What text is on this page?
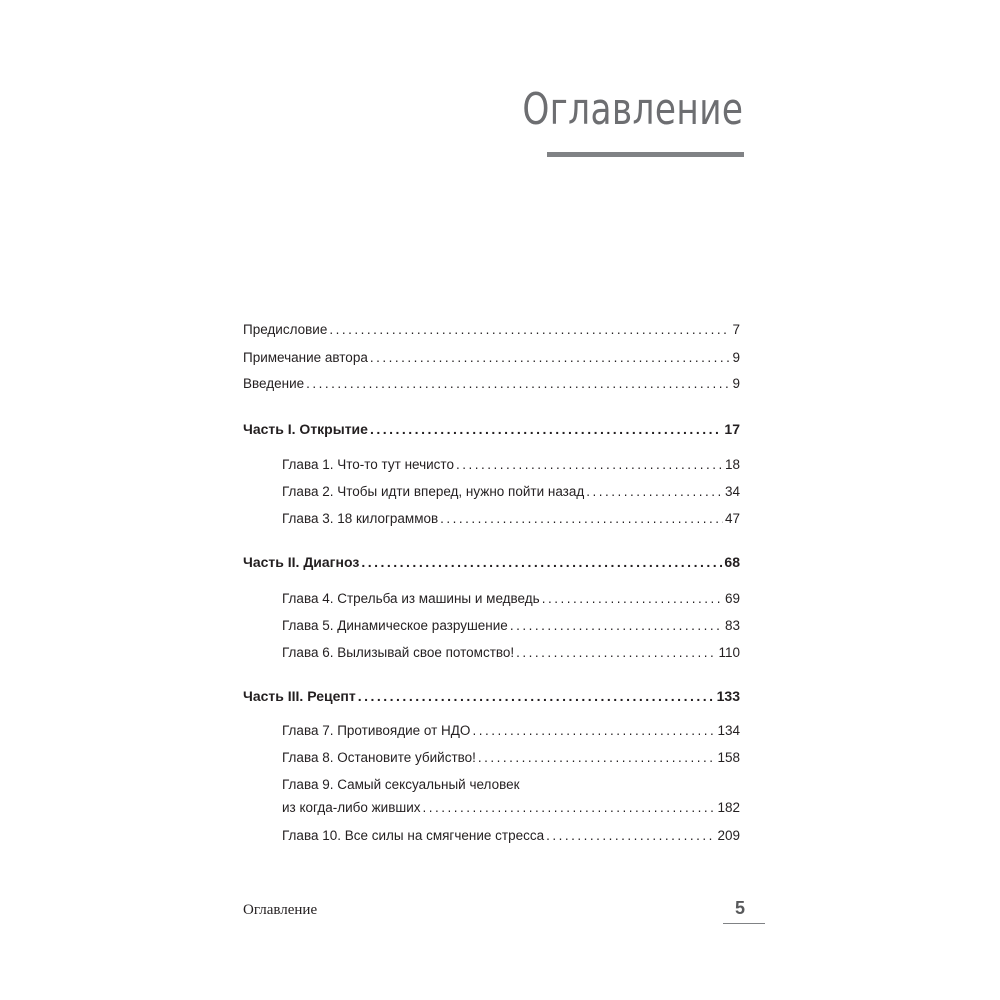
Оглавление
Предисловие .....	7
Примечание автора .....	9
Введение .....	9
Часть I. Открытие .....	17
Глава 1. Что-то тут нечисто .....	18
Глава 2. Чтобы идти вперед, нужно пойти назад .....	34
Глава 3. 18 килограммов .....	47
Часть II. Диагноз .....	68
Глава 4. Стрельба из машины и медведь .....	69
Глава 5. Динамическое разрушение .....	83
Глава 6. Вылизывай свое потомство! .....	110
Часть III. Рецепт .....	133
Глава 7. Противоядие от НДО .....	134
Глава 8. Остановите убийство! .....	158
Глава 9. Самый сексуальный человек
из когда-либо живших .....	182
Глава 10. Все силы на смягчение стресса .....	209
Оглавление	5
